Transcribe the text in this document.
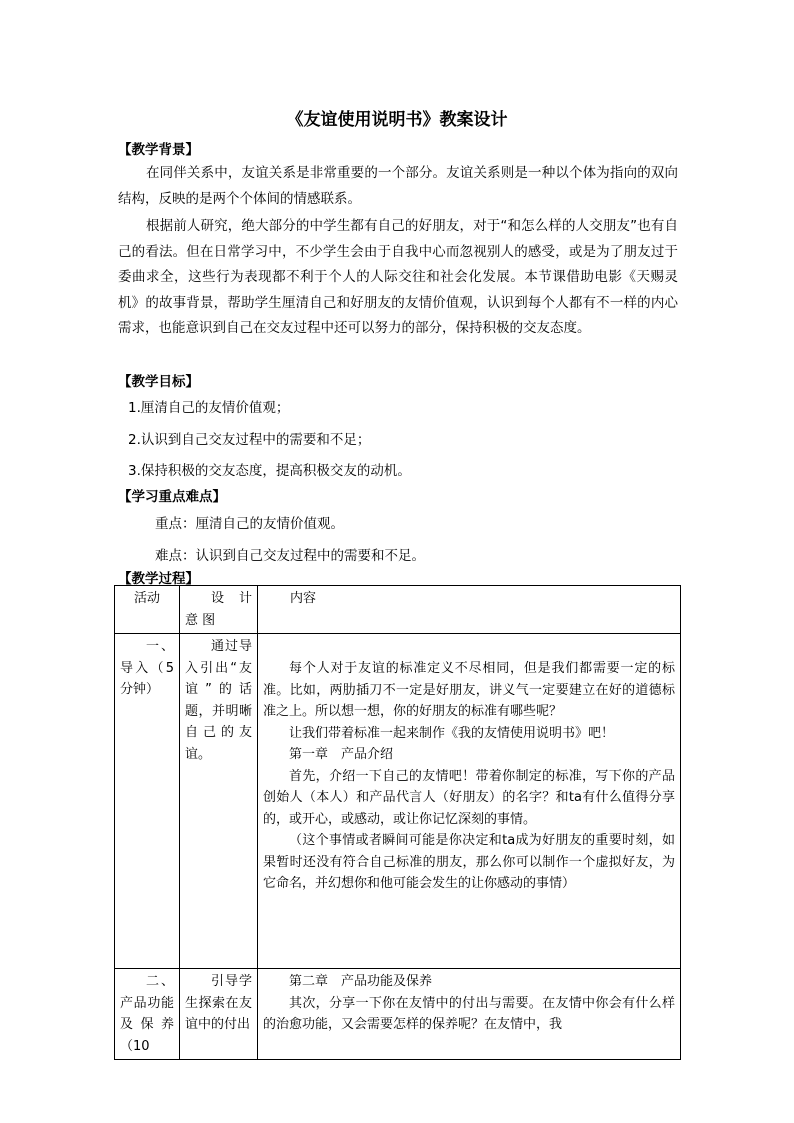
《友谊使用说明书》教案设计
【教学背景】
在同伴关系中，友谊关系是非常重要的一个部分。友谊关系则是一种以个体为指向的双向结构，反映的是两个个体间的情感联系。
根据前人研究，绝大部分的中学生都有自己的好朋友，对于“和怎么样的人交朋友”也有自己的看法。但在日常学习中，不少学生会由于自我中心而忽视别人的感受，或是为了朋友过于委曲求全，这些行为表现都不利于个人的人际交往和社会化发展。本节课借助电影《天赐灵机》的故事背景，帮助学生厘清自己和好朋友的友情价值观，认识到每个人都有不一样的内心需求，也能意识到自己在交友过程中还可以努力的部分，保持积极的交友态度。
【教学目标】
1.厘清自己的友情价值观；
2.认识到自己交友过程中的需要和不足；
3.保持积极的交友态度，提高积极交友的动机。
【学习重点难点】
重点：厘清自己的友情价值观。
难点：认识到自己交友过程中的需要和不足。
【教学过程】
活动	设 计 意 图	内容
一、导入（5分钟）	通过导入引出“友谊”的话题，并明晰自己的友谊。	每个人对于友谊的标准定义不尽相同，但是我们都需要一定的标准。比如，两肋插刀不一定是好朋友，讲义气一定要建立在好的道德标准之上。所以想一想，你的好朋友的标准有哪些呢？

让我们带着标准一起来制作《我的友情使用说明书》吧！

第一章　产品介绍

首先，介绍一下自己的友情吧！带着你制定的标准，写下你的产品创始人（本人）和产品代言人（好朋友）的名字？和ta有什么值得分享的，或开心，或感动，或让你记忆深刻的事情。

（这个事情或者瞬间可能是你决定和ta成为好朋友的重要时刻，如果暂时还没有符合自己标准的朋友，那么你可以制作一个虚拟好友，为它命名，并幻想你和他可能会发生的让你感动的事情）

二、产品功能及保养（10	引导学生探索在友谊中的付出	第二章　产品功能及保养

其次，分享一下你在友情中的付出与需要。在友情中你会有什么样的治愈功能，又会需要怎样的保养呢？在友情中，我
